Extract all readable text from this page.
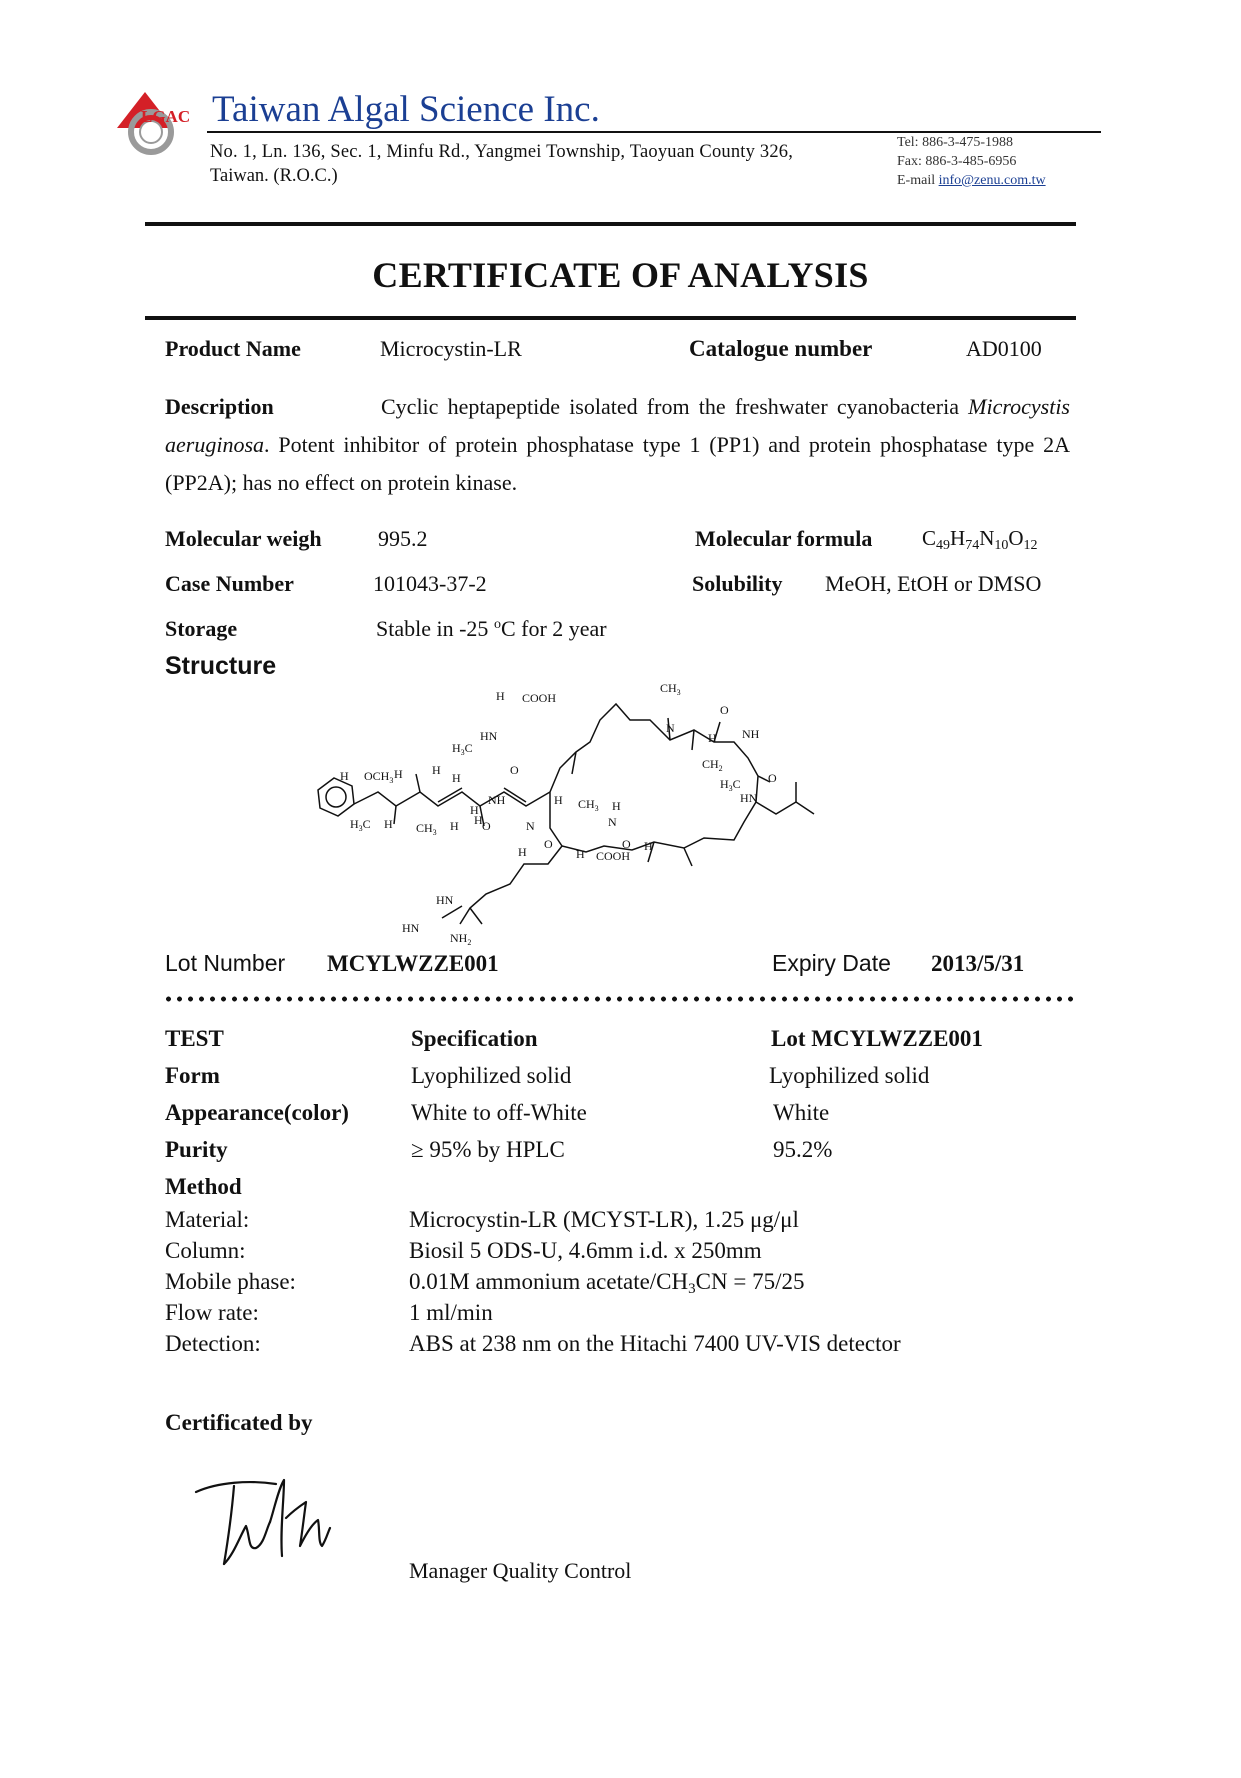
LGAC Taiwan Algal Science Inc.
No. 1, Ln. 136, Sec. 1, Minfu Rd., Yangmei Township, Taoyuan County 326,
Taiwan. (R.O.C.)
Tel: 886-3-475-1988
Fax: 886-3-485-6956
E-mail info@zenu.com.tw
CERTIFICATE OF ANALYSIS
Product Name	Microcystin-LR	Catalogue number	AD0100
Description	Cyclic heptapeptide isolated from the freshwater cyanobacteria Microcystis aeruginosa. Potent inhibitor of protein phosphatase type 1 (PP1) and protein phosphatase type 2A (PP2A); has no effect on protein kinase.
Molecular weigh	995.2	Molecular formula $C_{49}H_{74}N_{10}O_{12}$
Case Number	101043-37-2	Solubility MeOH, EtOH or DMSO
Storage	Stable in -25 $^o$C for 2 year
Structure
H COOH
$CH_3$
HN
N
O
NH
H
$CH_2$
$H_3C$
O
$H_3C$ O
HN
H $OCH_3$ H H
H
$H_3C$ H $CH_3$ H H
NH
H
O
H
N
O
H $CH_3$ H
N
H COOH
O H
HN
HN
$NH_2$
Lot Number MCYLWZZE001	Expiry Date 2013/5/31
TEST	Specification	Lot MCYLWZZE001
Form	Lyophilized solid	Lyophilized solid
Appearance(color)	White to off-White	White
Purity	≥ 95% by HPLC	95.2%
Method
Material:	Microcystin-LR (MCYST-LR), 1.25 μg/μl
Column:	Biosil 5 ODS-U, 4.6mm i.d. x 250mm
Mobile phase:	0.01M ammonium acetate/$CH_3CN = 75/25$
Flow rate:	1 ml/min
Detection:	ABS at 238 nm on the Hitachi 7400 UV-VIS detector
Certificated by
Manager Quality Control
